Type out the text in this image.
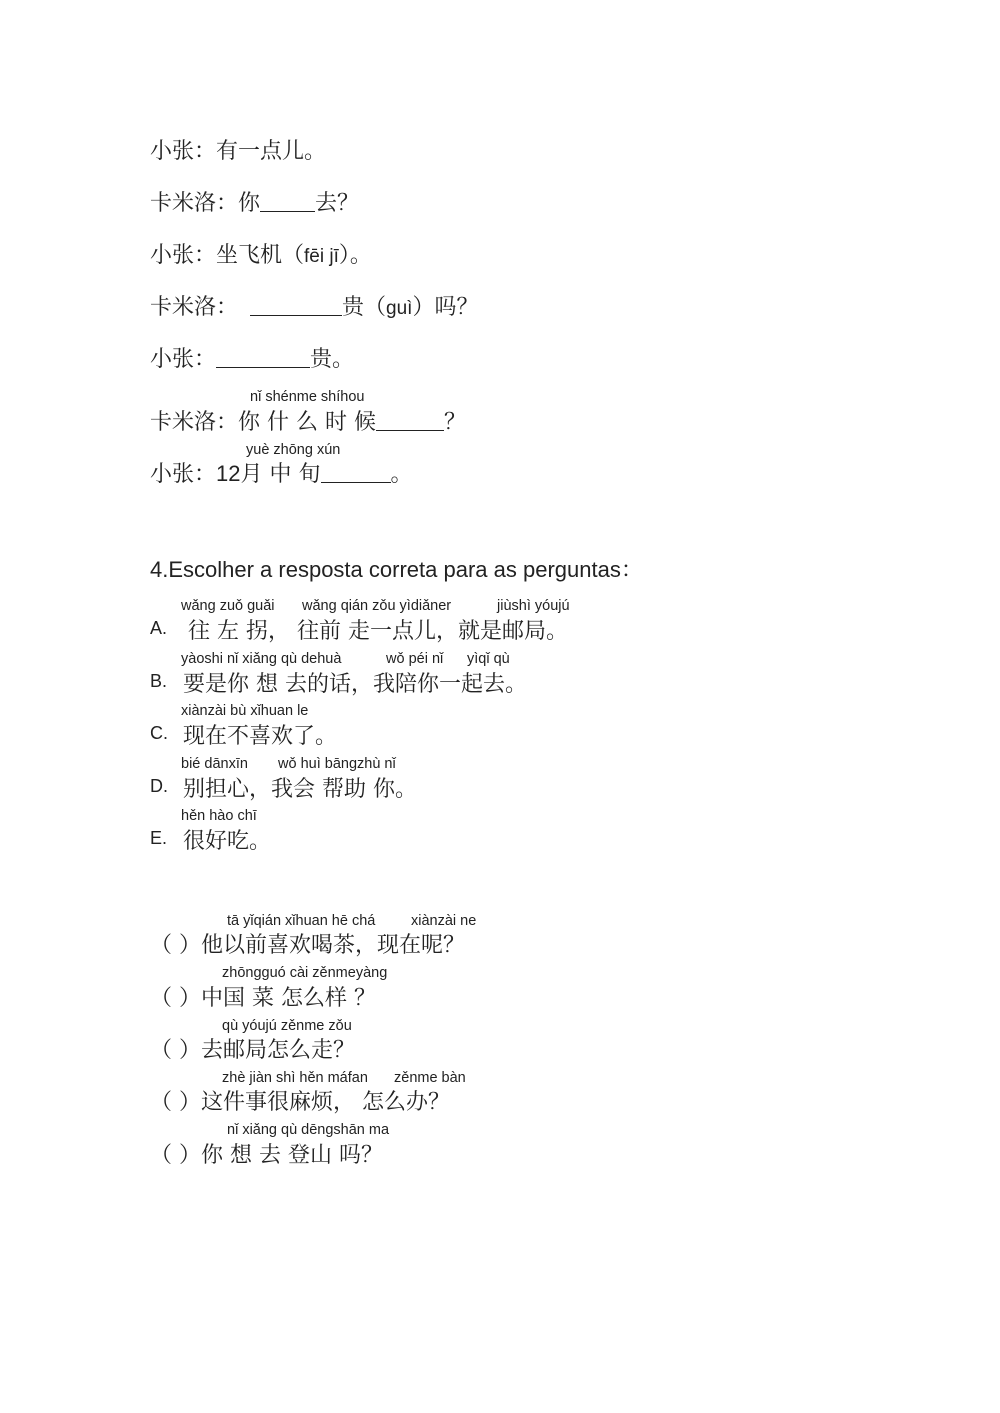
小张：有一点儿。
卡米洛：你	去？
小张：坐飞机（fēi jī）。
卡米洛：	贵（guì）吗？
小张：	贵。
nǐ shénme shíhou
卡米洛：你 什 么 时 候	？
yuè zhōng xún
小张：12月 中 旬	。
4.Escolher a resposta correta para as perguntas：
wǎng zuǒ guǎi wǎng qián zǒu yìdiǎner	jiùshì yóujú
A. 往 左 拐， 往前 走一点儿，就是邮局。
yàoshi nǐ xiǎng qù dehuà	wǒ péi nǐ yìqǐ qù
B. 要是你 想 去的话，我陪你一起去。
xiànzài bù xǐhuan le
C. 现在不喜欢了。
bié dānxīn wǒ huì bāngzhù nǐ
D. 别担心，我会 帮助 你。
hěn hào chī
E. 很好吃。
tā yǐqián xǐhuan hē chá xiànzài ne
（ ）他以前喜欢喝茶，现在呢？
zhōngguó cài zěnmeyàng
（ ）中国 菜 怎么样 ？
qù yóujú zěnme zǒu
（ ）去邮局怎么走？
zhè jiàn shì hěn máfan zěnme bàn
（ ）这件事很麻烦， 怎么办？
nǐ xiǎng qù dēngshān ma
（ ）你 想 去 登山 吗？
